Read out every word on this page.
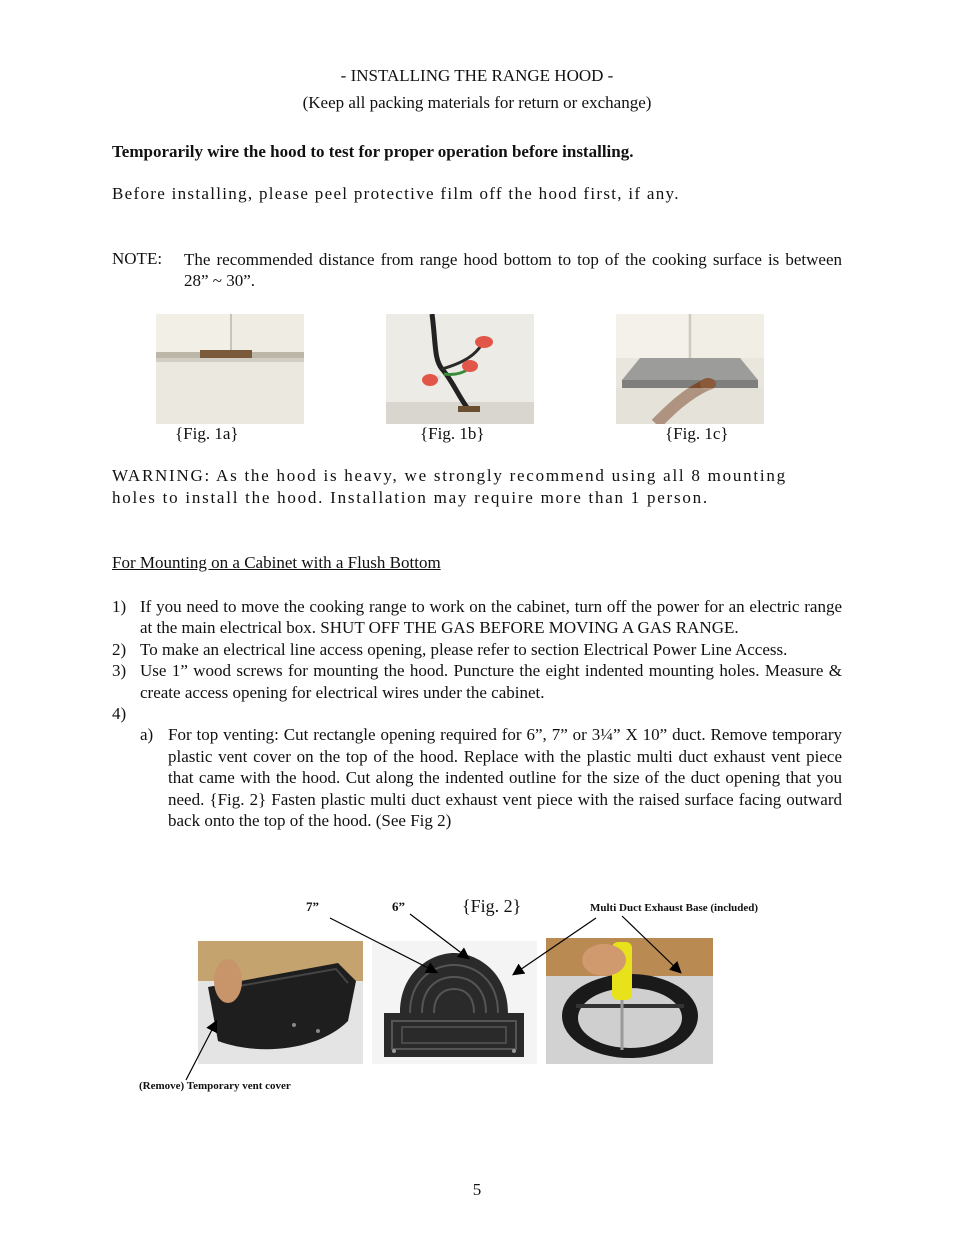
- INSTALLING THE RANGE HOOD -
(Keep all packing materials for return or exchange)
Temporarily wire the hood to test for proper operation before installing.
Before installing, please peel protective film off the hood first, if any.
NOTE: The recommended distance from range hood bottom to top of the cooking surface is between 28” ~ 30”.
{Fig. 1a}	{Fig. 1b}	{Fig. 1c}
WARNING: As the hood is heavy, we strongly recommend using all 8 mounting
holes to install the hood. Installation may require more than 1 person.
For Mounting on a Cabinet with a Flush Bottom
1) If you need to move the cooking range to work on the cabinet, turn off the power for an electric range at the main electrical box. SHUT OFF THE GAS BEFORE MOVING A GAS RANGE.
2) To make an electrical line access opening, please refer to section Electrical Power Line Access.
3) Use 1” wood screws for mounting the hood. Puncture the eight indented mounting holes. Measure & create access opening for electrical wires under the cabinet.
4)
a) For top venting: Cut rectangle opening required for 6”, 7” or 3¼” X 10” duct. Remove temporary plastic vent cover on the top of the hood. Replace with the plastic multi duct exhaust vent piece that came with the hood. Cut along the indented outline for the size of the duct opening that you need. {Fig. 2} Fasten plastic multi duct exhaust vent piece with the raised surface facing outward back onto the top of the hood. (See Fig 2)
7”	6”	{Fig. 2}	Multi Duct Exhaust Base (included)
(Remove) Temporary vent cover
5
